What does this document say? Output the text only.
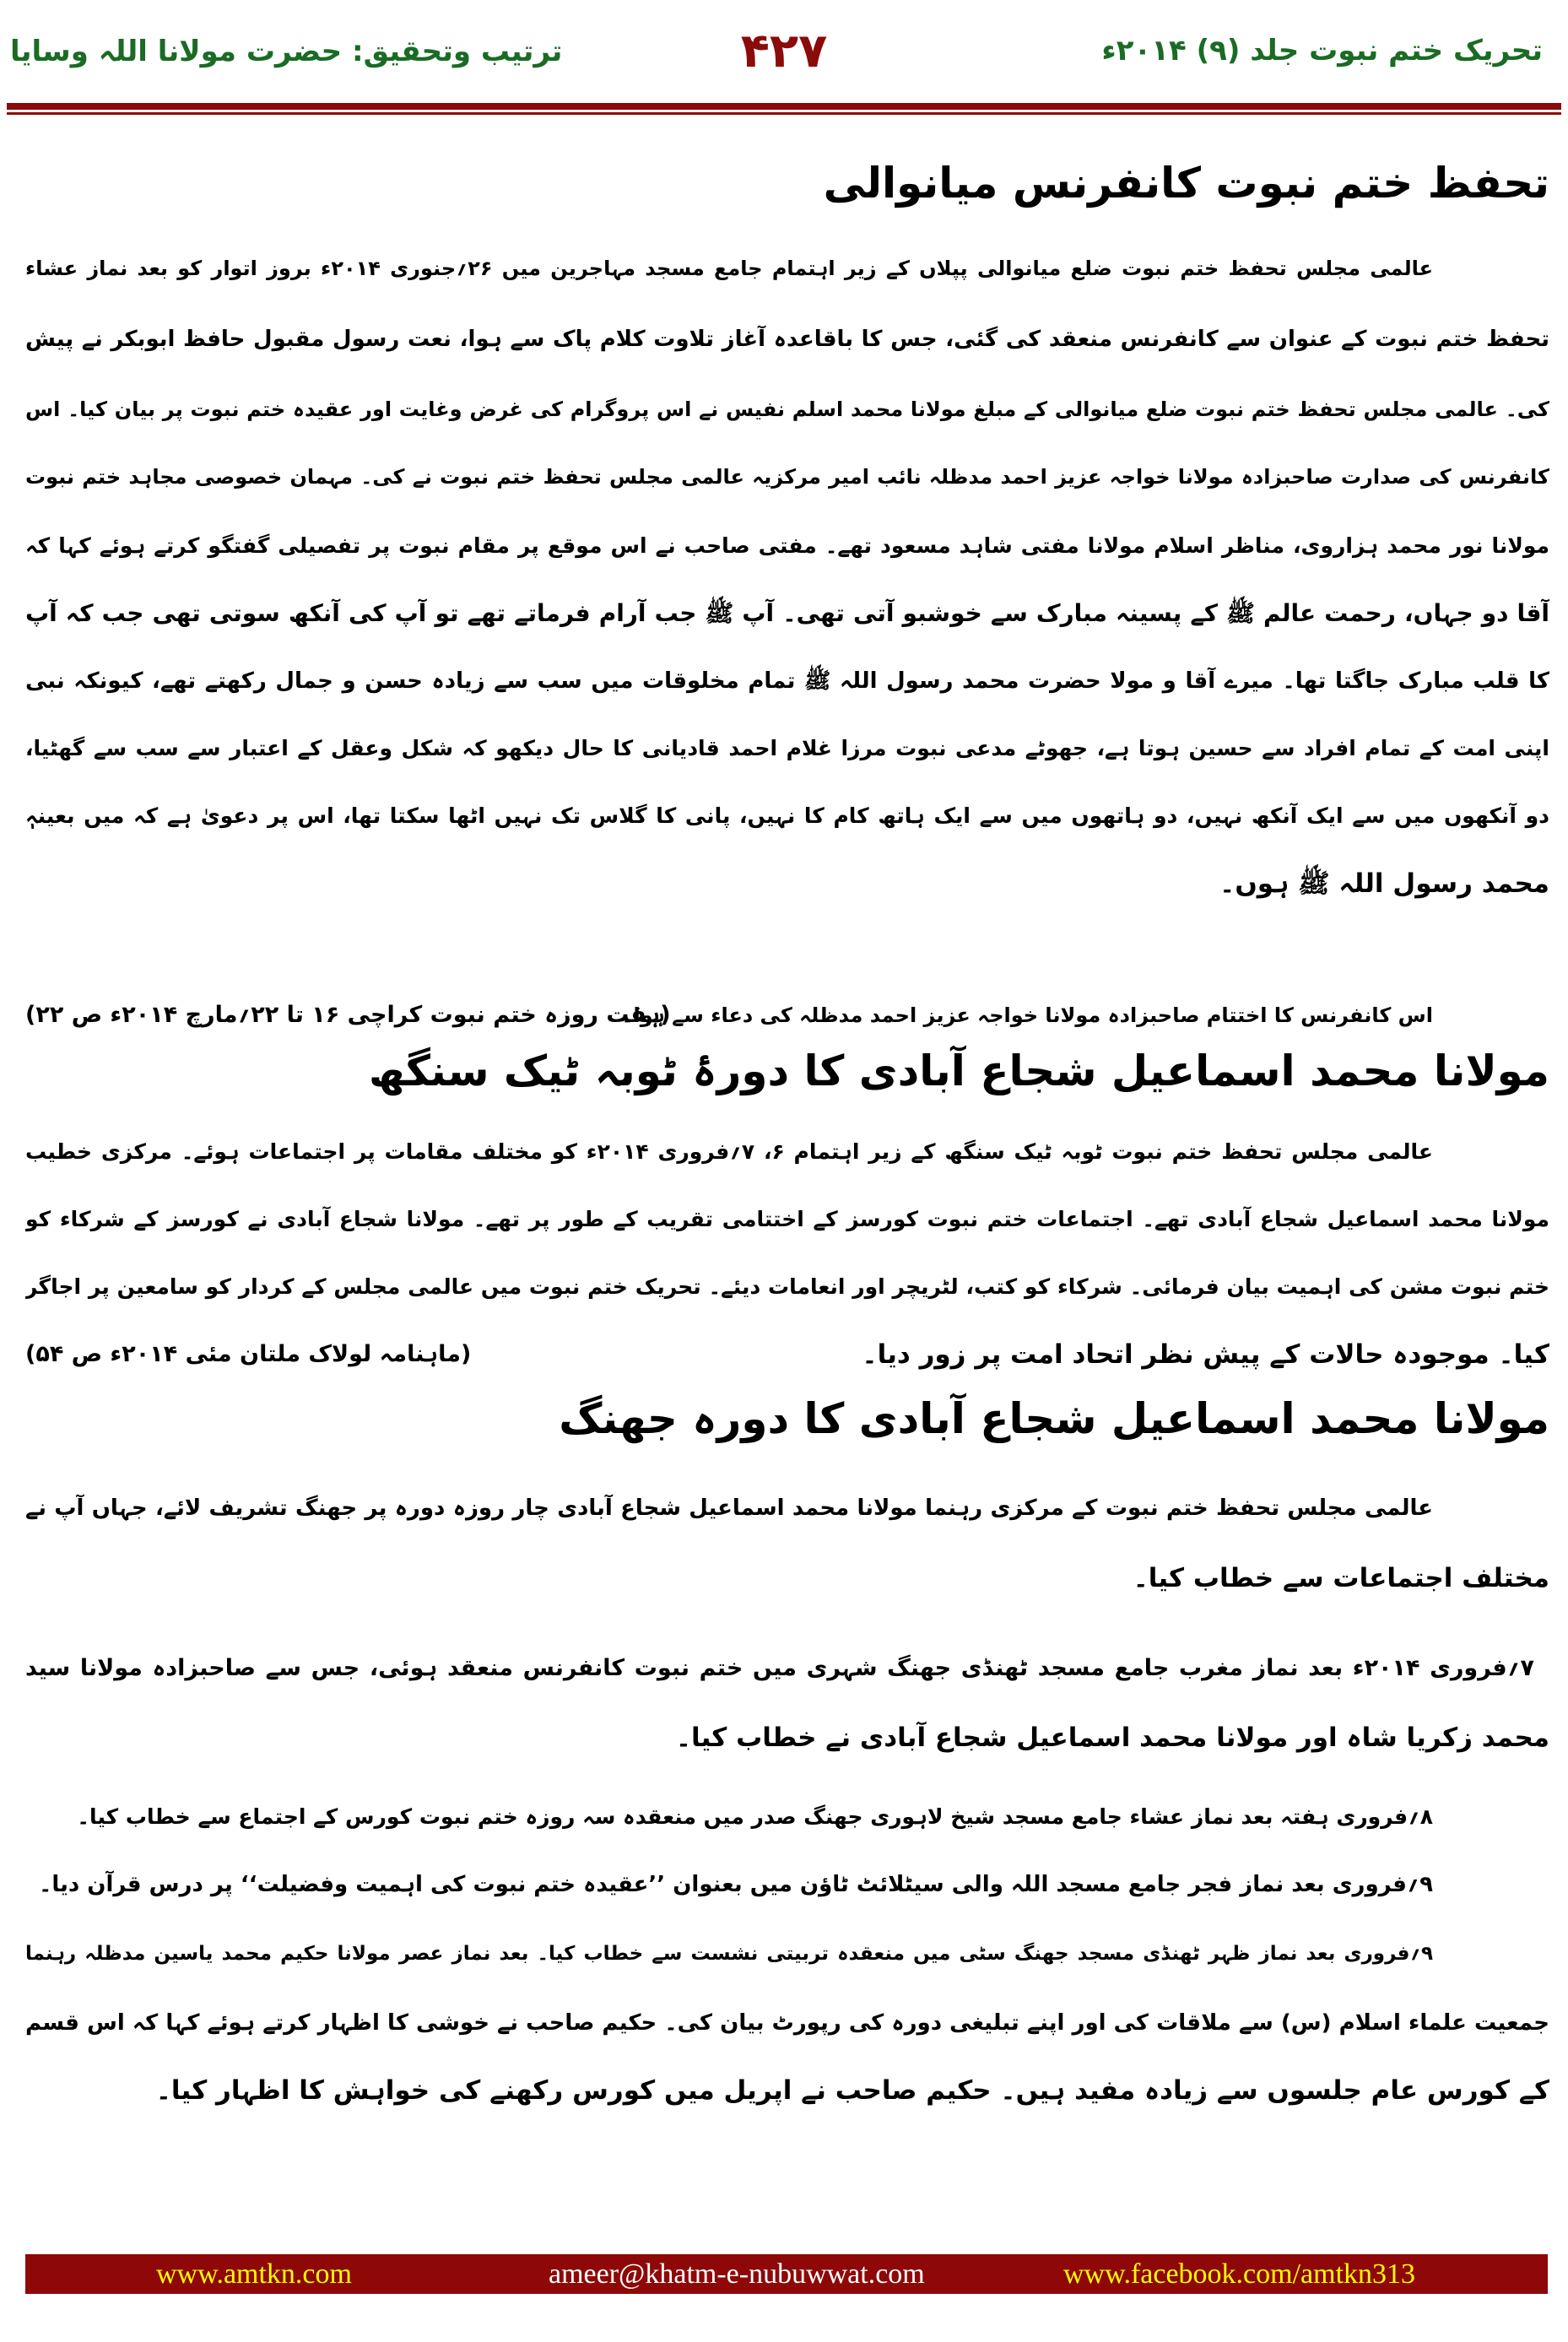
تحریک ختم نبوت جلد (۹) ۲۰۱۴ء
۴۲۷
ترتیب وتحقیق: حضرت مولانا اللہ وسایا
تحفظ ختم نبوت کانفرنس میانوالی
عالمی مجلس تحفظ ختم نبوت ضلع میانوالی پپلاں کے زیر اہتمام جامع مسجد مہاجرین میں ۲۶؍جنوری ۲۰۱۴ء بروز اتوار کو بعد نماز عشاء
تحفظ ختم نبوت کے عنوان سے کانفرنس منعقد کی گئی، جس کا باقاعدہ آغاز تلاوت کلام پاک سے ہوا، نعت رسول مقبول حافظ ابوبکر نے پیش
کی۔ عالمی مجلس تحفظ ختم نبوت ضلع میانوالی کے مبلغ مولانا محمد اسلم نفیس نے اس پروگرام کی غرض وغایت اور عقیدہ ختم نبوت پر بیان کیا۔ اس
کانفرنس کی صدارت صاحبزادہ مولانا خواجہ عزیز احمد مدظلہ نائب امیر مرکزیہ عالمی مجلس تحفظ ختم نبوت نے کی۔ مہمان خصوصی مجاہد ختم نبوت
مولانا نور محمد ہزاروی، مناظر اسلام مولانا مفتی شاہد مسعود تھے۔ مفتی صاحب نے اس موقع پر مقام نبوت پر تفصیلی گفتگو کرتے ہوئے کہا کہ
آقا دو جہاں، رحمت عالم ﷺ کے پسینہ مبارک سے خوشبو آتی تھی۔ آپ ﷺ جب آرام فرماتے تھے تو آپ کی آنکھ سوتی تھی جب کہ آپ
کا قلب مبارک جاگتا تھا۔ میرے آقا و مولا حضرت محمد رسول اللہ ﷺ تمام مخلوقات میں سب سے زیادہ حسن و جمال رکھتے تھے، کیونکہ نبی
اپنی امت کے تمام افراد سے حسین ہوتا ہے، جھوٹے مدعی نبوت مرزا غلام احمد قادیانی کا حال دیکھو کہ شکل وعقل کے اعتبار سے سب سے گھٹیا،
دو آنکھوں میں سے ایک آنکھ نہیں، دو ہاتھوں میں سے ایک ہاتھ کام کا نہیں، پانی کا گلاس تک نہیں اٹھا سکتا تھا، اس پر دعویٰ ہے کہ میں بعینہٖ
محمد رسول اللہ ﷺ ہوں۔
اس کانفرنس کا اختتام صاحبزادہ مولانا خواجہ عزیز احمد مدظلہ کی دعاء سے ہوا۔
(ہفت روزہ ختم نبوت کراچی ۱۶ تا ۲۲؍مارچ ۲۰۱۴ء ص ۲۲)
مولانا محمد اسماعیل شجاع آبادی کا دورۂ ٹوبہ ٹیک سنگھ
عالمی مجلس تحفظ ختم نبوت ٹوبہ ٹیک سنگھ کے زیر اہتمام ۶، ۷؍فروری ۲۰۱۴ء کو مختلف مقامات پر اجتماعات ہوئے۔ مرکزی خطیب
مولانا محمد اسماعیل شجاع آبادی تھے۔ اجتماعات ختم نبوت کورسز کے اختتامی تقریب کے طور پر تھے۔ مولانا شجاع آبادی نے کورسز کے شرکاء کو
ختم نبوت مشن کی اہمیت بیان فرمائی۔ شرکاء کو کتب، لٹریچر اور انعامات دیئے۔ تحریک ختم نبوت میں عالمی مجلس کے کردار کو سامعین پر اجاگر
کیا۔ موجودہ حالات کے پیش نظر اتحاد امت پر زور دیا۔
(ماہنامہ لولاک ملتان مئی ۲۰۱۴ء ص ۵۴)
مولانا محمد اسماعیل شجاع آبادی کا دورہ جھنگ
عالمی مجلس تحفظ ختم نبوت کے مرکزی رہنما مولانا محمد اسماعیل شجاع آبادی چار روزہ دورہ پر جھنگ تشریف لائے، جہاں آپ نے
مختلف اجتماعات سے خطاب کیا۔
۷؍فروری ۲۰۱۴ء بعد نماز مغرب جامع مسجد ٹھنڈی جھنگ شہری میں ختم نبوت کانفرنس منعقد ہوئی، جس سے صاحبزادہ مولانا سید
محمد زکریا شاہ اور مولانا محمد اسماعیل شجاع آبادی نے خطاب کیا۔
۸؍فروری ہفتہ بعد نماز عشاء جامع مسجد شیخ لاہوری جھنگ صدر میں منعقدہ سہ روزہ ختم نبوت کورس کے اجتماع سے خطاب کیا۔
۹؍فروری بعد نماز فجر جامع مسجد اللہ والی سیٹلائٹ ٹاؤن میں بعنوان ’’عقیدہ ختم نبوت کی اہمیت وفضیلت‘‘ پر درس قرآن دیا۔
۹؍فروری بعد نماز ظہر ٹھنڈی مسجد جھنگ سٹی میں منعقدہ تربیتی نشست سے خطاب کیا۔ بعد نماز عصر مولانا حکیم محمد یاسین مدظلہ رہنما
جمعیت علماء اسلام (س) سے ملاقات کی اور اپنے تبلیغی دورہ کی رپورٹ بیان کی۔ حکیم صاحب نے خوشی کا اظہار کرتے ہوئے کہا کہ اس قسم
کے کورس عام جلسوں سے زیادہ مفید ہیں۔ حکیم صاحب نے اپریل میں کورس رکھنے کی خواہش کا اظہار کیا۔
www.amtkn.com	ameer@khatm-e-nubuwwat.com	www.facebook.com/amtkn313
